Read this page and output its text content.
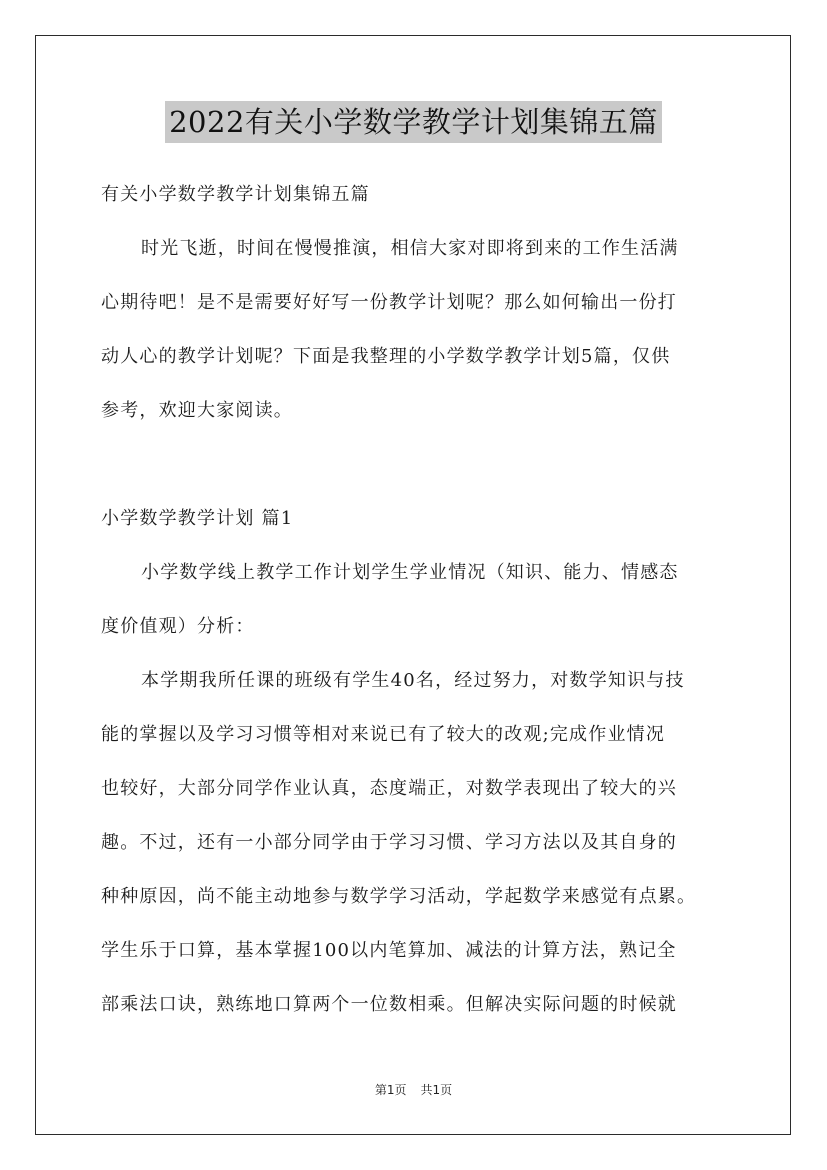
2022有关小学数学教学计划集锦五篇
有关小学数学教学计划集锦五篇
时光飞逝，时间在慢慢推演，相信大家对即将到来的工作生活满
心期待吧！是不是需要好好写一份教学计划呢？那么如何输出一份打
动人心的教学计划呢？下面是我整理的小学数学教学计划5篇，仅供
参考，欢迎大家阅读。
小学数学教学计划 篇1
小学数学线上教学工作计划学生学业情况（知识、能力、情感态
度价值观）分析：
本学期我所任课的班级有学生40名，经过努力，对数学知识与技
能的掌握以及学习习惯等相对来说已有了较大的改观;完成作业情况
也较好，大部分同学作业认真，态度端正，对数学表现出了较大的兴
趣。不过，还有一小部分同学由于学习习惯、学习方法以及其自身的
种种原因，尚不能主动地参与数学学习活动，学起数学来感觉有点累。
学生乐于口算，基本掌握100以内笔算加、减法的计算方法，熟记全
部乘法口诀，熟练地口算两个一位数相乘。但解决实际问题的时候就
第1页 共1页
